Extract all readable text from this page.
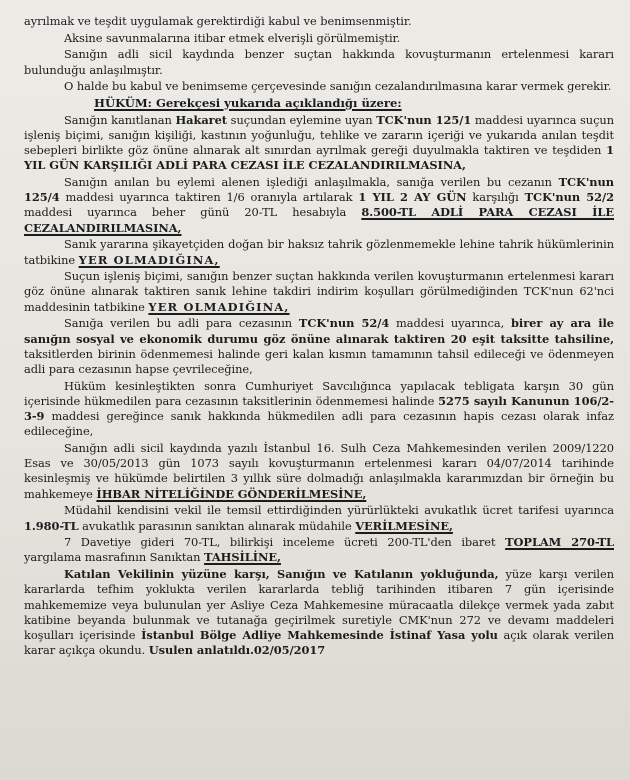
ayrılmak ve teşdit uygulamak gerektirdiği kabul ve benimsenmiştir.

Aksine savunmalarına itibar etmek elverişli görülmemiştir.

Sanığın adli sicil kaydında benzer suçtan hakkında kovuşturmanın ertelenmesi kararı bulunduğu anlaşılmıştır.

O halde bu kabul ve benimseme çerçevesinde sanığın cezalandırılmasına karar vermek gerekir.

HÜKÜM: Gerekçesi yukarıda açıklandığı üzere:

Sanığın kanıtlanan Hakaret suçundan eylemine uyan TCK'nun 125/1 maddesi uyarınca suçun işleniş biçimi, sanığın kişiliği, kastının yoğunluğu, tehlike ve zararın içeriği ve yukarıda anılan teşdit sebepleri birlikte göz önüne alınarak alt sınırdan ayrılmak gereği duyulmakla taktiren ve teşdiden 1 YIL GÜN KARŞILIĞI ADLİ PARA CEZASI İLE CEZALANDIRILMASINA,

Sanığın anılan bu eylemi alenen işlediği anlaşılmakla, sanığa verilen bu cezanın TCK'nun 125/4 maddesi uyarınca taktiren 1/6 oranıyla artılarak 1 YIL 2 AY GÜN karşılığı TCK'nun 52/2 maddesi uyarınca beher günü 20-TL hesabıyla 8.500-TL ADLİ PARA CEZASI İLE CEZALANDIRILMASINA,

Sanık yararına şikayetçiden doğan bir haksız tahrik gözlenmemekle lehine tahrik hükümlerinin tatbikine YER OLMADIĞINA,

Suçun işleniş biçimi, sanığın benzer suçtan hakkında verilen kovuşturmanın ertelenmesi kararı göz önüne alınarak taktiren sanık lehine takdiri indirim koşulları görülmediğinden TCK'nun 62'nci maddesinin tatbikine YER OLMADIĞINA,

Sanığa verilen bu adli para cezasının TCK'nun 52/4 maddesi uyarınca, birer ay ara ile sanığın sosyal ve ekonomik durumu göz önüne alınarak taktiren 20 eşit taksitte tahsiline, taksitlerden birinin ödenmemesi halinde geri kalan kısmın tamamının tahsil edileceği ve ödenmeyen adli para cezasının hapse çevrileceğine,

Hüküm kesinleştikten sonra Cumhuriyet Savcılığınca yapılacak tebligata karşın 30 gün içerisinde hükmedilen para cezasının taksitlerinin ödenmemesi halinde 5275 sayılı Kanunun 106/2-3-9 maddesi gereğince sanık hakkında hükmedilen adli para cezasının hapis cezası olarak infaz edileceğine,

Sanığın adli sicil kaydında yazılı İstanbul 16. Sulh Ceza Mahkemesinden verilen 2009/1220 Esas ve 30/05/2013 gün 1073 sayılı kovuşturmanın ertelenmesi kararı 04/07/2014 tarihinde kesinleşmiş ve hükümde belirtilen 3 yıllık süre dolmadığı anlaşılmakla kararımızdan bir örneğin bu mahkemeye İHBAR NİTELİĞİNDE GÖNDERİLMESİNE,

Müdahil kendisini vekil ile temsil ettirdiğinden yürürlükteki avukatlık ücret tarifesi uyarınca 1.980-TL avukatlık parasının sanıktan alınarak müdahile VERİLMESİNE,

7 Davetiye gideri 70-TL, bilirkişi inceleme ücreti 200-TL'den ibaret TOPLAM 270-TL yargılama masrafının Sanıktan TAHSİLİNE,

Katılan Vekilinin yüzüne karşı, Sanığın ve Katılanın yokluğunda, yüze karşı verilen kararlarda tefhim yoklukta verilen kararlarda tebliğ tarihinden itibaren 7 gün içerisinde mahkememize veya bulunulan yer Asliye Ceza Mahkemesine müracaatla dilekçe vermek yada zabıt katibine beyanda bulunmak ve tutanağa geçirilmek suretiyle CMK'nun 272 ve devamı maddeleri koşulları içerisinde İstanbul Bölge Adliye Mahkemesinde İstinaf Yasa yolu açık olarak verilen karar açıkça okundu. Usulen anlatıldı.02/05/2017
